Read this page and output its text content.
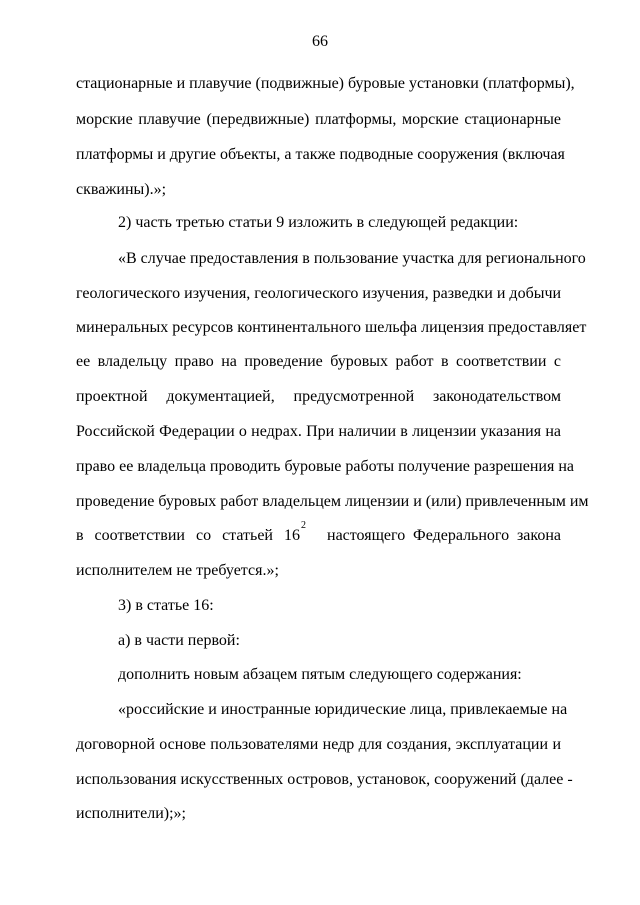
66
стационарные и плавучие (подвижные) буровые установки (платформы),
морские плавучие (передвижные) платформы, морские стационарные
платформы и другие объекты, а также подводные сооружения (включая
скважины).»;
2) часть третью статьи 9 изложить в следующей редакции:
«В случае предоставления в пользование участка для регионального
геологического изучения, геологического изучения, разведки и добычи
минеральных ресурсов континентального шельфа лицензия предоставляет
ее владельцу право на проведение буровых работ в соответствии с
проектной документацией, предусмотренной законодательством
Российской Федерации о недрах. При наличии в лицензии указания на
право ее владельца проводить буровые работы получение разрешения на
проведение буровых работ владельцем лицензии и (или) привлеченным им
в соответствии со статьей 16
2
настоящего Федерального закона
исполнителем не требуется.»;
3) в статье 16:
а) в части первой:
дополнить новым абзацем пятым следующего содержания:
«российские и иностранные юридические лица, привлекаемые на
договорной основе пользователями недр для создания, эксплуатации и
использования искусственных островов, установок, сооружений (далее -
исполнители);»;
